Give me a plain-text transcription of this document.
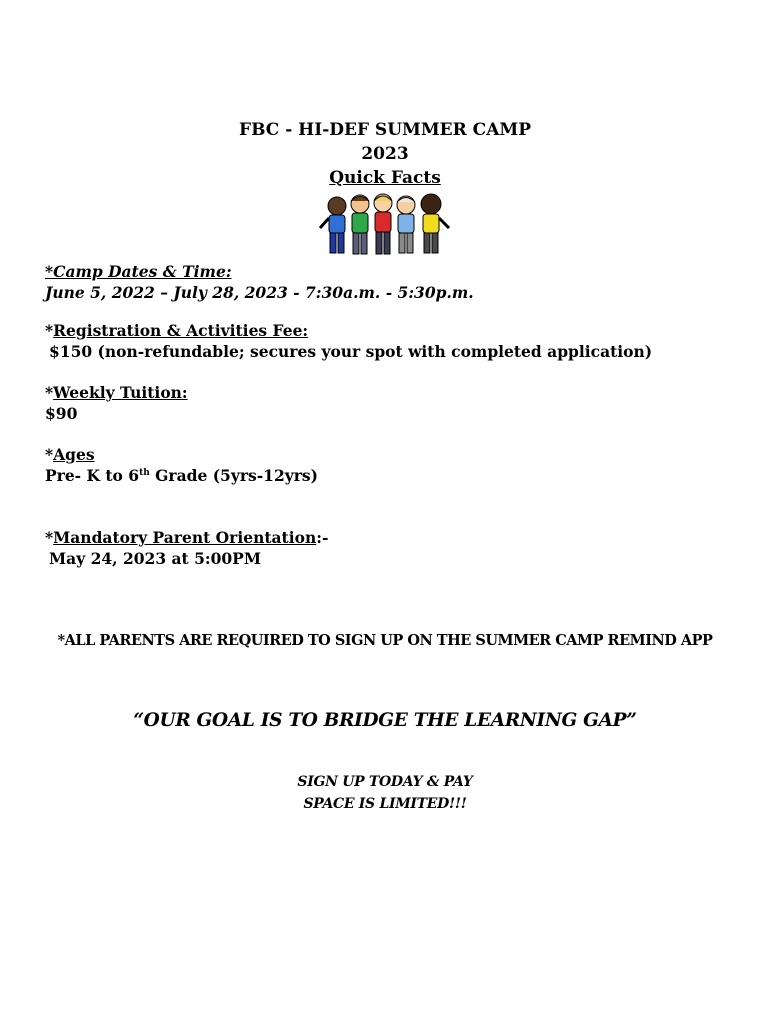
FBC - HI-DEF SUMMER CAMP
2023
Quick Facts
*Camp Dates & Time:
June 5, 2022 – July 28, 2023 - 7:30a.m. - 5:30p.m.
*Registration & Activities Fee:
$150 (non-refundable; secures your spot with completed application)
*Weekly Tuition:
$90
*Ages
Pre- K to 6th Grade (5yrs-12yrs)
*Mandatory Parent Orientation:-
May 24, 2023 at 5:00PM
*ALL PARENTS ARE REQUIRED TO SIGN UP ON THE SUMMER CAMP REMIND APP
“OUR GOAL IS TO BRIDGE THE LEARNING GAP”
SIGN UP TODAY & PAY
SPACE IS LIMITED!!!
